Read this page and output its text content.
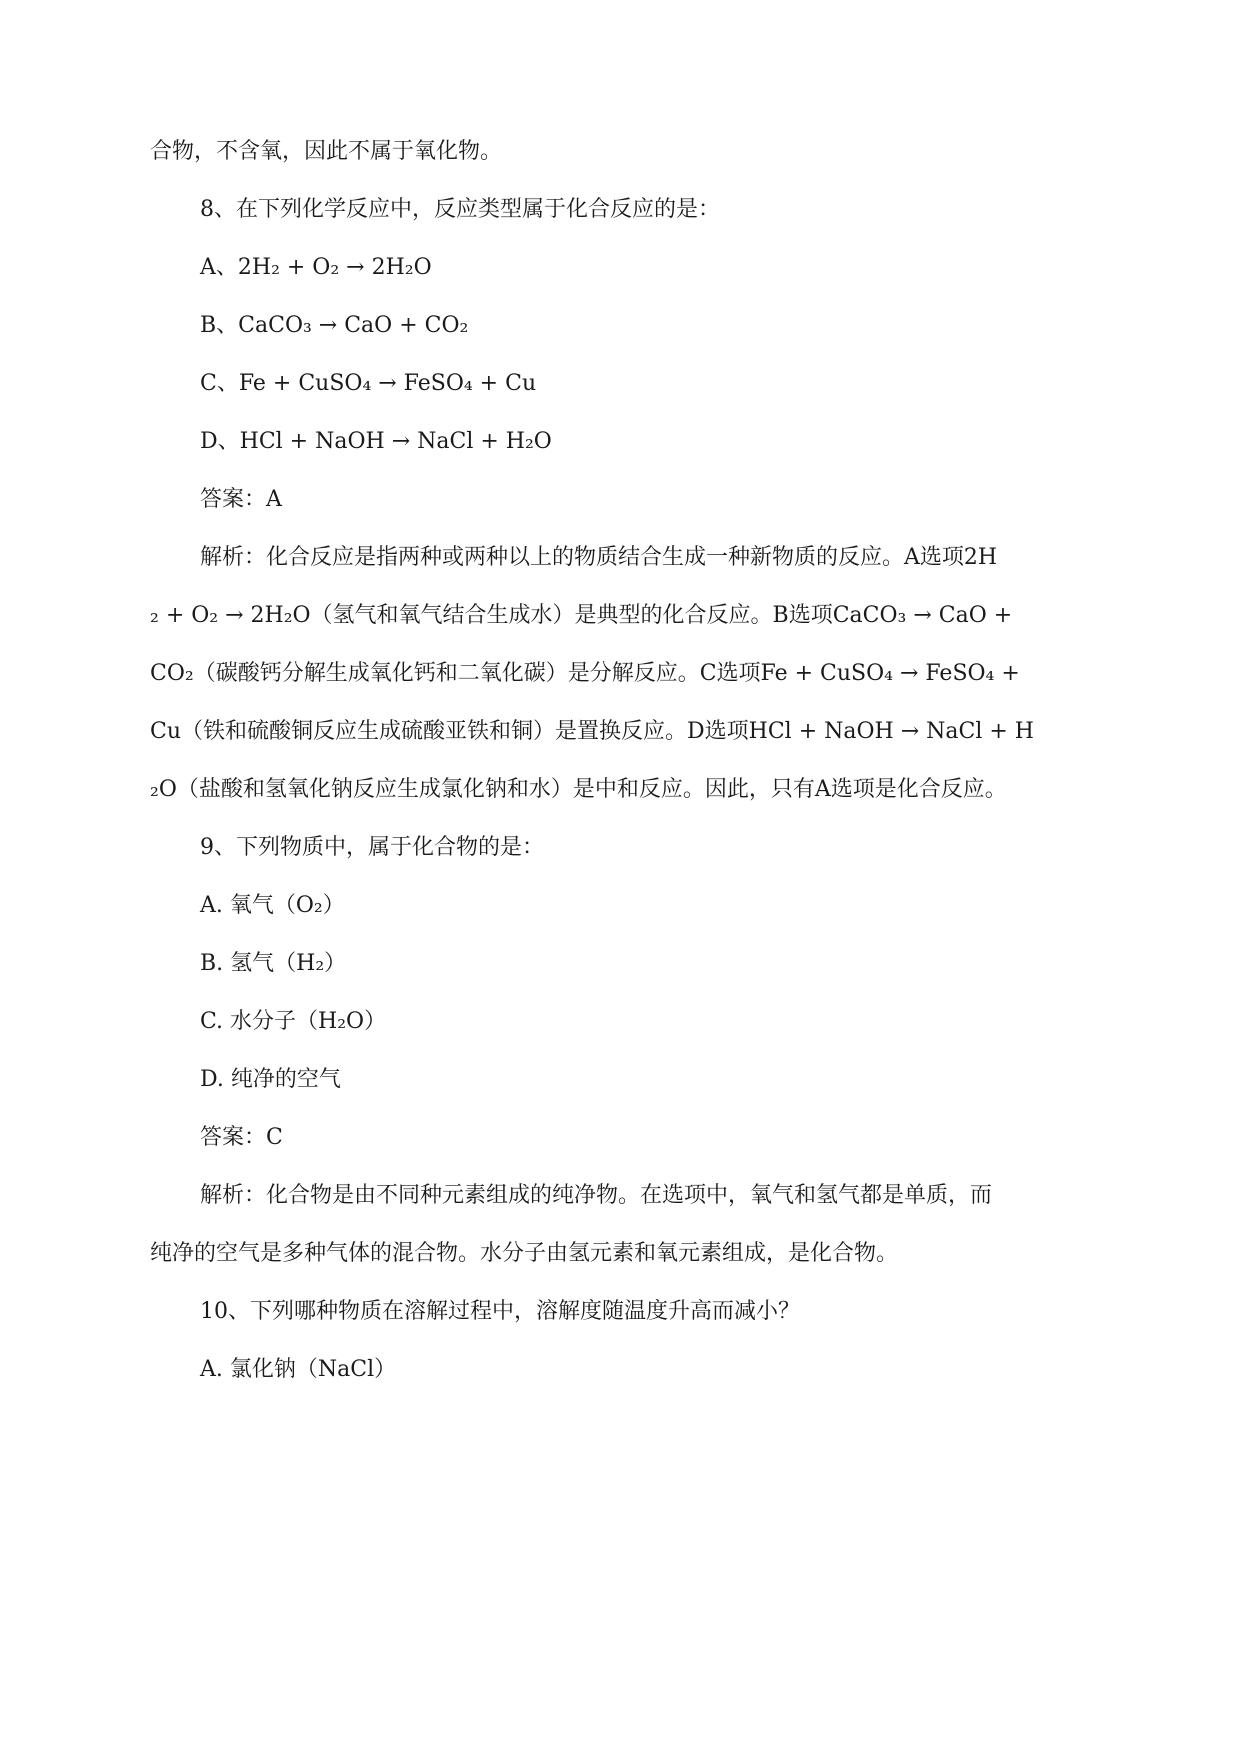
合物，不含氧，因此不属于氧化物。
8、在下列化学反应中，反应类型属于化合反应的是：
A、2H₂ + O₂ → 2H₂O
B、CaCO₃ → CaO + CO₂
C、Fe + CuSO₄ → FeSO₄ + Cu
D、HCl + NaOH → NaCl + H₂O
答案：A
解析：化合反应是指两种或两种以上的物质结合生成一种新物质的反应。A选项2H
₂ + O₂ → 2H₂O（氢气和氧气结合生成水）是典型的化合反应。B选项CaCO₃ → CaO +
CO₂（碳酸钙分解生成氧化钙和二氧化碳）是分解反应。C选项Fe + CuSO₄ → FeSO₄ +
Cu（铁和硫酸铜反应生成硫酸亚铁和铜）是置换反应。D选项HCl + NaOH → NaCl + H
₂O（盐酸和氢氧化钠反应生成氯化钠和水）是中和反应。因此，只有A选项是化合反应。
9、下列物质中，属于化合物的是：
A. 氧气（O₂）
B. 氢气（H₂）
C. 水分子（H₂O）
D. 纯净的空气
答案：C
解析：化合物是由不同种元素组成的纯净物。在选项中，氧气和氢气都是单质，而
纯净的空气是多种气体的混合物。水分子由氢元素和氧元素组成，是化合物。
10、下列哪种物质在溶解过程中，溶解度随温度升高而减小？
A. 氯化钠（NaCl）
